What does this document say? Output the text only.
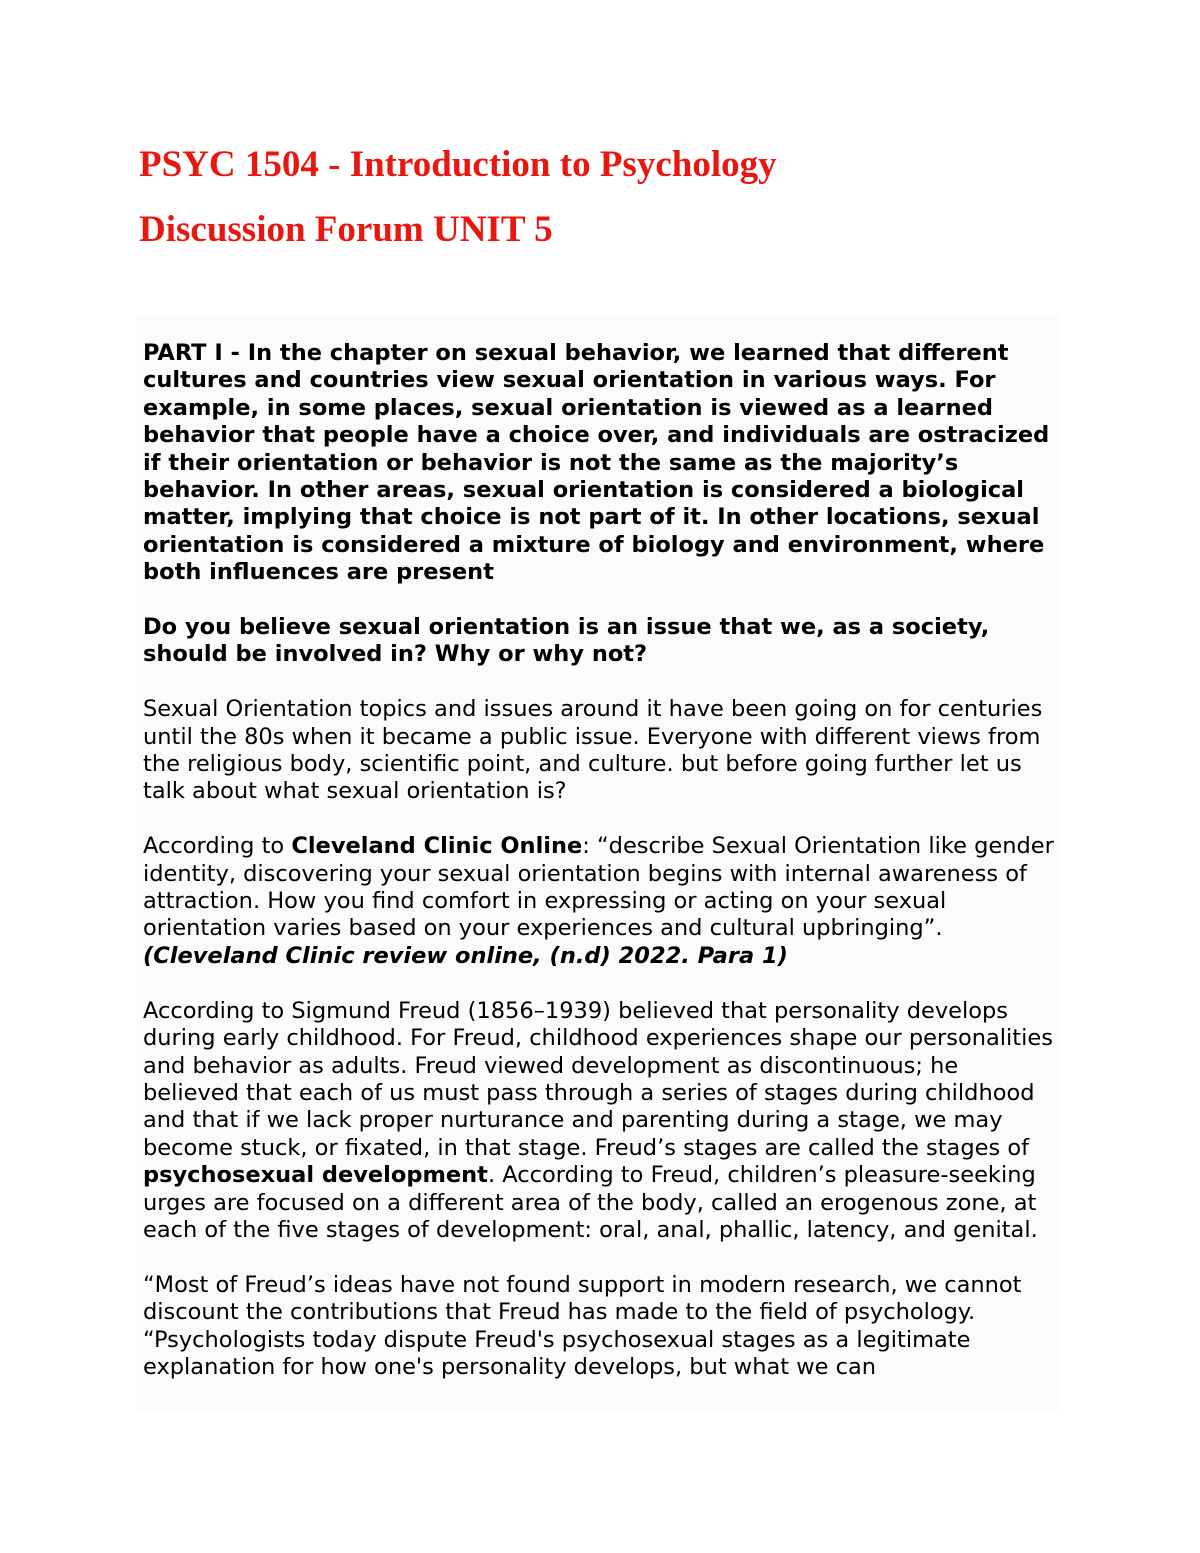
PSYC 1504 - Introduction to Psychology
Discussion Forum UNIT 5

PART I - In the chapter on sexual behavior, we learned that different cultures and countries view sexual orientation in various ways. For example, in some places, sexual orientation is viewed as a learned behavior that people have a choice over, and individuals are ostracized if their orientation or behavior is not the same as the majority’s behavior. In other areas, sexual orientation is considered a biological matter, implying that choice is not part of it. In other locations, sexual orientation is considered a mixture of biology and environment, where both influences are present

Do you believe sexual orientation is an issue that we, as a society, should be involved in? Why or why not?

Sexual Orientation topics and issues around it have been going on for centuries until the 80s when it became a public issue. Everyone with different views from the religious body, scientific point, and culture. but before going further let us talk about what sexual orientation is?

According to Cleveland Clinic Online: “describe Sexual Orientation like gender identity, discovering your sexual orientation begins with internal awareness of attraction. How you find comfort in expressing or acting on your sexual orientation varies based on your experiences and cultural upbringing”. (Cleveland Clinic review online, (n.d) 2022. Para 1)

According to Sigmund Freud (1856–1939) believed that personality develops during early childhood. For Freud, childhood experiences shape our personalities and behavior as adults. Freud viewed development as discontinuous; he believed that each of us must pass through a series of stages during childhood and that if we lack proper nurturance and parenting during a stage, we may become stuck, or fixated, in that stage. Freud’s stages are called the stages of psychosexual development. According to Freud, children’s pleasure-seeking urges are focused on a different area of the body, called an erogenous zone, at each of the five stages of development: oral, anal, phallic, latency, and genital.

“Most of Freud’s ideas have not found support in modern research, we cannot discount the contributions that Freud has made to the field of psychology. “Psychologists today dispute Freud's psychosexual stages as a legitimate explanation for how one's personality develops, but what we can
